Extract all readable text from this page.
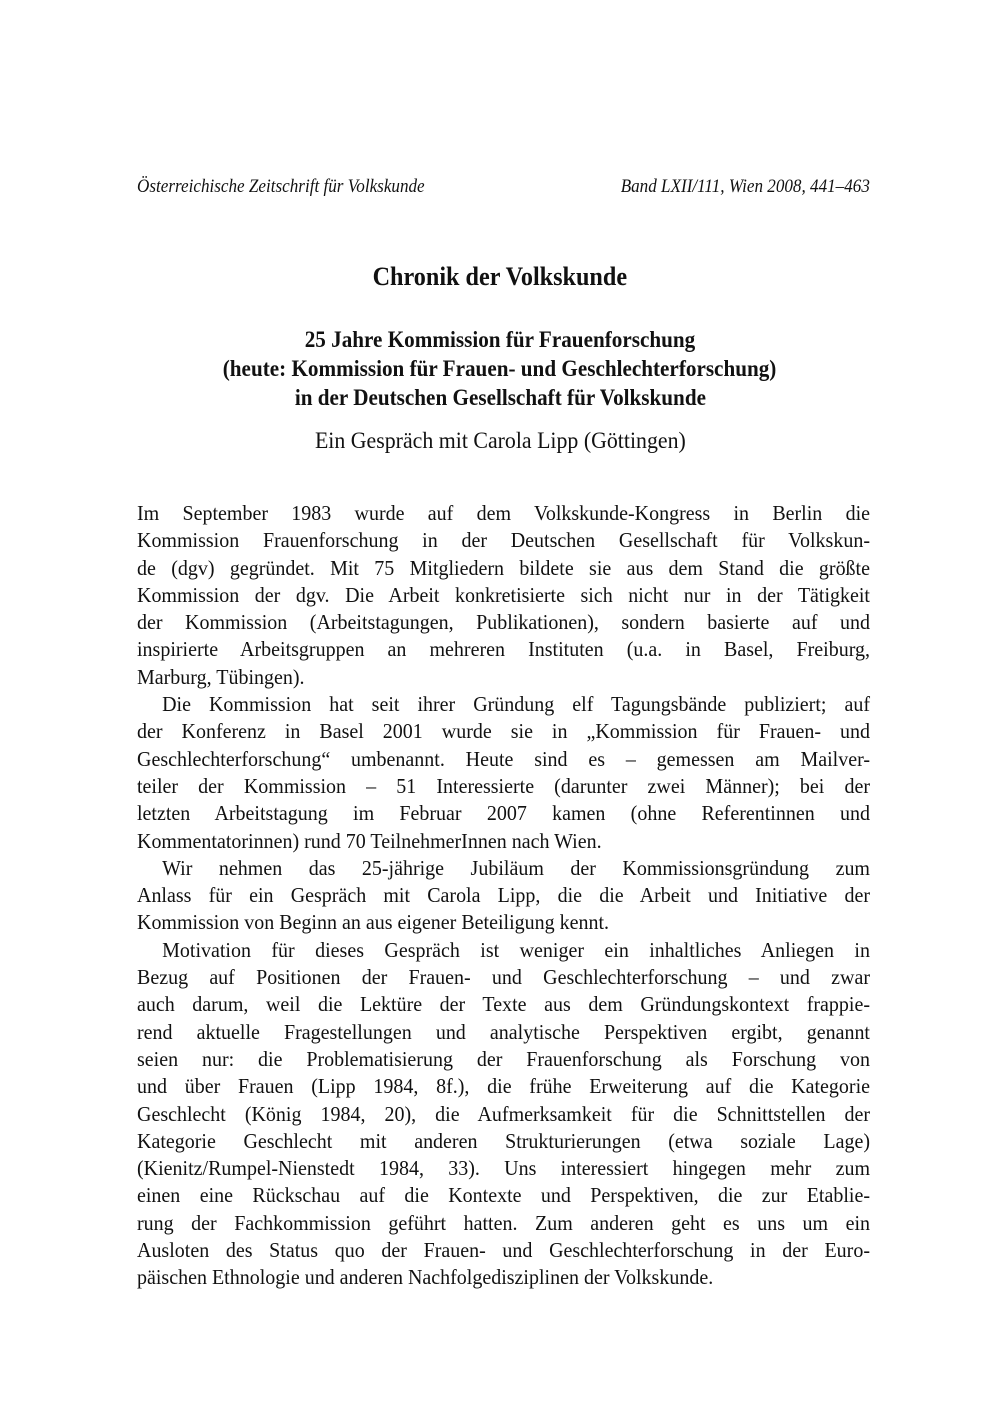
Österreichische Zeitschrift für Volkskunde	Band LXII/111, Wien 2008, 441–463
Chronik der Volkskunde
25 Jahre Kommission für Frauenforschung
(heute: Kommission für Frauen- und Geschlechterforschung)
in der Deutschen Gesellschaft für Volkskunde
Ein Gespräch mit Carola Lipp (Göttingen)
Im September 1983 wurde auf dem Volkskunde-Kongress in Berlin die
Kommission Frauenforschung in der Deutschen Gesellschaft für Volkskun-
de (dgv) gegründet. Mit 75 Mitgliedern bildete sie aus dem Stand die größte
Kommission der dgv. Die Arbeit konkretisierte sich nicht nur in der Tätigkeit
der Kommission (Arbeitstagungen, Publikationen), sondern basierte auf und
inspirierte Arbeitsgruppen an mehreren Instituten (u.a. in Basel, Freiburg,
Marburg, Tübingen).
Die Kommission hat seit ihrer Gründung elf Tagungsbände publiziert; auf
der Konferenz in Basel 2001 wurde sie in „Kommission für Frauen- und
Geschlechterforschung“ umbenannt. Heute sind es – gemessen am Mailver-
teiler der Kommission – 51 Interessierte (darunter zwei Männer); bei der
letzten Arbeitstagung im Februar 2007 kamen (ohne Referentinnen und
Kommentatorinnen) rund 70 TeilnehmerInnen nach Wien.
Wir nehmen das 25-jährige Jubiläum der Kommissionsgründung zum
Anlass für ein Gespräch mit Carola Lipp, die die Arbeit und Initiative der
Kommission von Beginn an aus eigener Beteiligung kennt.
Motivation für dieses Gespräch ist weniger ein inhaltliches Anliegen in
Bezug auf Positionen der Frauen- und Geschlechterforschung – und zwar
auch darum, weil die Lektüre der Texte aus dem Gründungskontext frappie-
rend aktuelle Fragestellungen und analytische Perspektiven ergibt, genannt
seien nur: die Problematisierung der Frauenforschung als Forschung von
und über Frauen (Lipp 1984, 8f.), die frühe Erweiterung auf die Kategorie
Geschlecht (König 1984, 20), die Aufmerksamkeit für die Schnittstellen der
Kategorie Geschlecht mit anderen Strukturierungen (etwa soziale Lage)
(Kienitz/Rumpel-Nienstedt 1984, 33). Uns interessiert hingegen mehr zum
einen eine Rückschau auf die Kontexte und Perspektiven, die zur Etablie-
rung der Fachkommission geführt hatten. Zum anderen geht es uns um ein
Ausloten des Status quo der Frauen- und Geschlechterforschung in der Euro-
päischen Ethnologie und anderen Nachfolgedisziplinen der Volkskunde.
